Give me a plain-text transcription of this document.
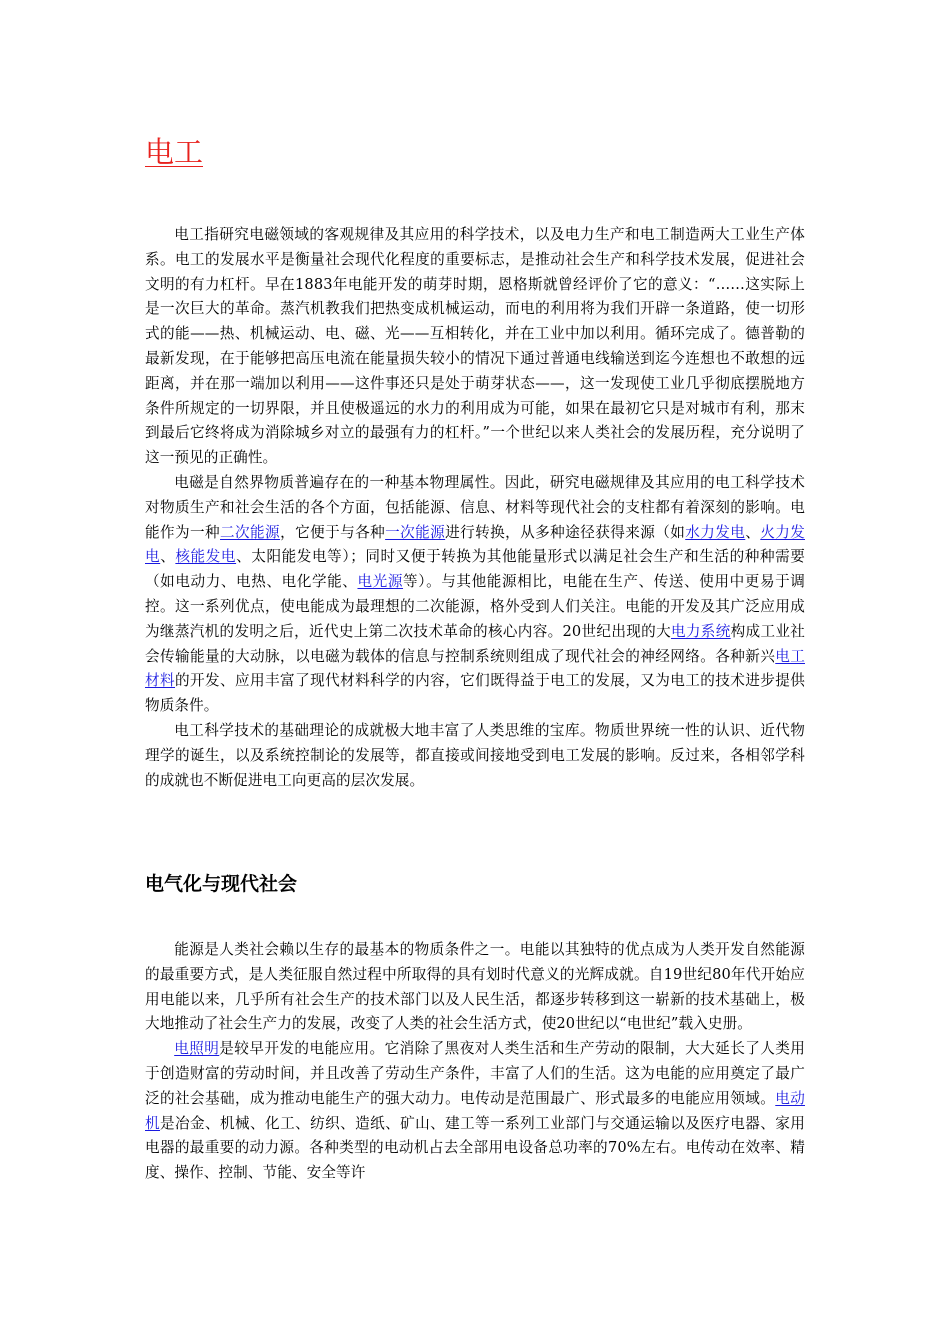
电工

电工指研究电磁领域的客观规律及其应用的科学技术，以及电力生产和电工制造两大工业生产体系。电工的发展水平是衡量社会现代化程度的重要标志，是推动社会生产和科学技术发展，促进社会文明的有力杠杆。早在1883年电能开发的萌芽时期，恩格斯就曾经评价了它的意义：“……这实际上是一次巨大的革命。蒸汽机教我们把热变成机械运动，而电的利用将为我们开辟一条道路，使一切形式的能——热、机械运动、电、磁、光——互相转化，并在工业中加以利用。循环完成了。德普勒的最新发现，在于能够把高压电流在能量损失较小的情况下通过普通电线输送到迄今连想也不敢想的远距离，并在那一端加以利用——这件事还只是处于萌芽状态——，这一发现使工业几乎彻底摆脱地方条件所规定的一切界限，并且使极遥远的水力的利用成为可能，如果在最初它只是对城市有利，那末到最后它终将成为消除城乡对立的最强有力的杠杆。”一个世纪以来人类社会的发展历程，充分说明了这一预见的正确性。

电磁是自然界物质普遍存在的一种基本物理属性。因此，研究电磁规律及其应用的电工科学技术对物质生产和社会生活的各个方面，包括能源、信息、材料等现代社会的支柱都有着深刻的影响。电能作为一种二次能源，它便于与各种一次能源进行转换，从多种途径获得来源（如水力发电、火力发电、核能发电、太阳能发电等）；同时又便于转换为其他能量形式以满足社会生产和生活的种种需要（如电动力、电热、电化学能、电光源等）。与其他能源相比，电能在生产、传送、使用中更易于调控。这一系列优点，使电能成为最理想的二次能源，格外受到人们关注。电能的开发及其广泛应用成为继蒸汽机的发明之后，近代史上第二次技术革命的核心内容。20世纪出现的大电力系统构成工业社会传输能量的大动脉，以电磁为载体的信息与控制系统则组成了现代社会的神经网络。各种新兴电工材料的开发、应用丰富了现代材料科学的内容，它们既得益于电工的发展，又为电工的技术进步提供物质条件。

电工科学技术的基础理论的成就极大地丰富了人类思维的宝库。物质世界统一性的认识、近代物理学的诞生，以及系统控制论的发展等，都直接或间接地受到电工发展的影响。反过来，各相邻学科的成就也不断促进电工向更高的层次发展。

电气化与现代社会

能源是人类社会赖以生存的最基本的物质条件之一。电能以其独特的优点成为人类开发自然能源的最重要方式，是人类征服自然过程中所取得的具有划时代意义的光辉成就。自19世纪80年代开始应用电能以来，几乎所有社会生产的技术部门以及人民生活，都逐步转移到这一崭新的技术基础上，极大地推动了社会生产力的发展，改变了人类的社会生活方式，使20世纪以“电世纪”载入史册。

电照明是较早开发的电能应用。它消除了黑夜对人类生活和生产劳动的限制，大大延长了人类用于创造财富的劳动时间，并且改善了劳动生产条件，丰富了人们的生活。这为电能的应用奠定了最广泛的社会基础，成为推动电能生产的强大动力。电传动是范围最广、形式最多的电能应用领域。电动机是冶金、机械、化工、纺织、造纸、矿山、建工等一系列工业部门与交通运输以及医疗电器、家用电器的最重要的动力源。各种类型的电动机占去全部用电设备总功率的70%左右。电传动在效率、精度、操作、控制、节能、安全等许
